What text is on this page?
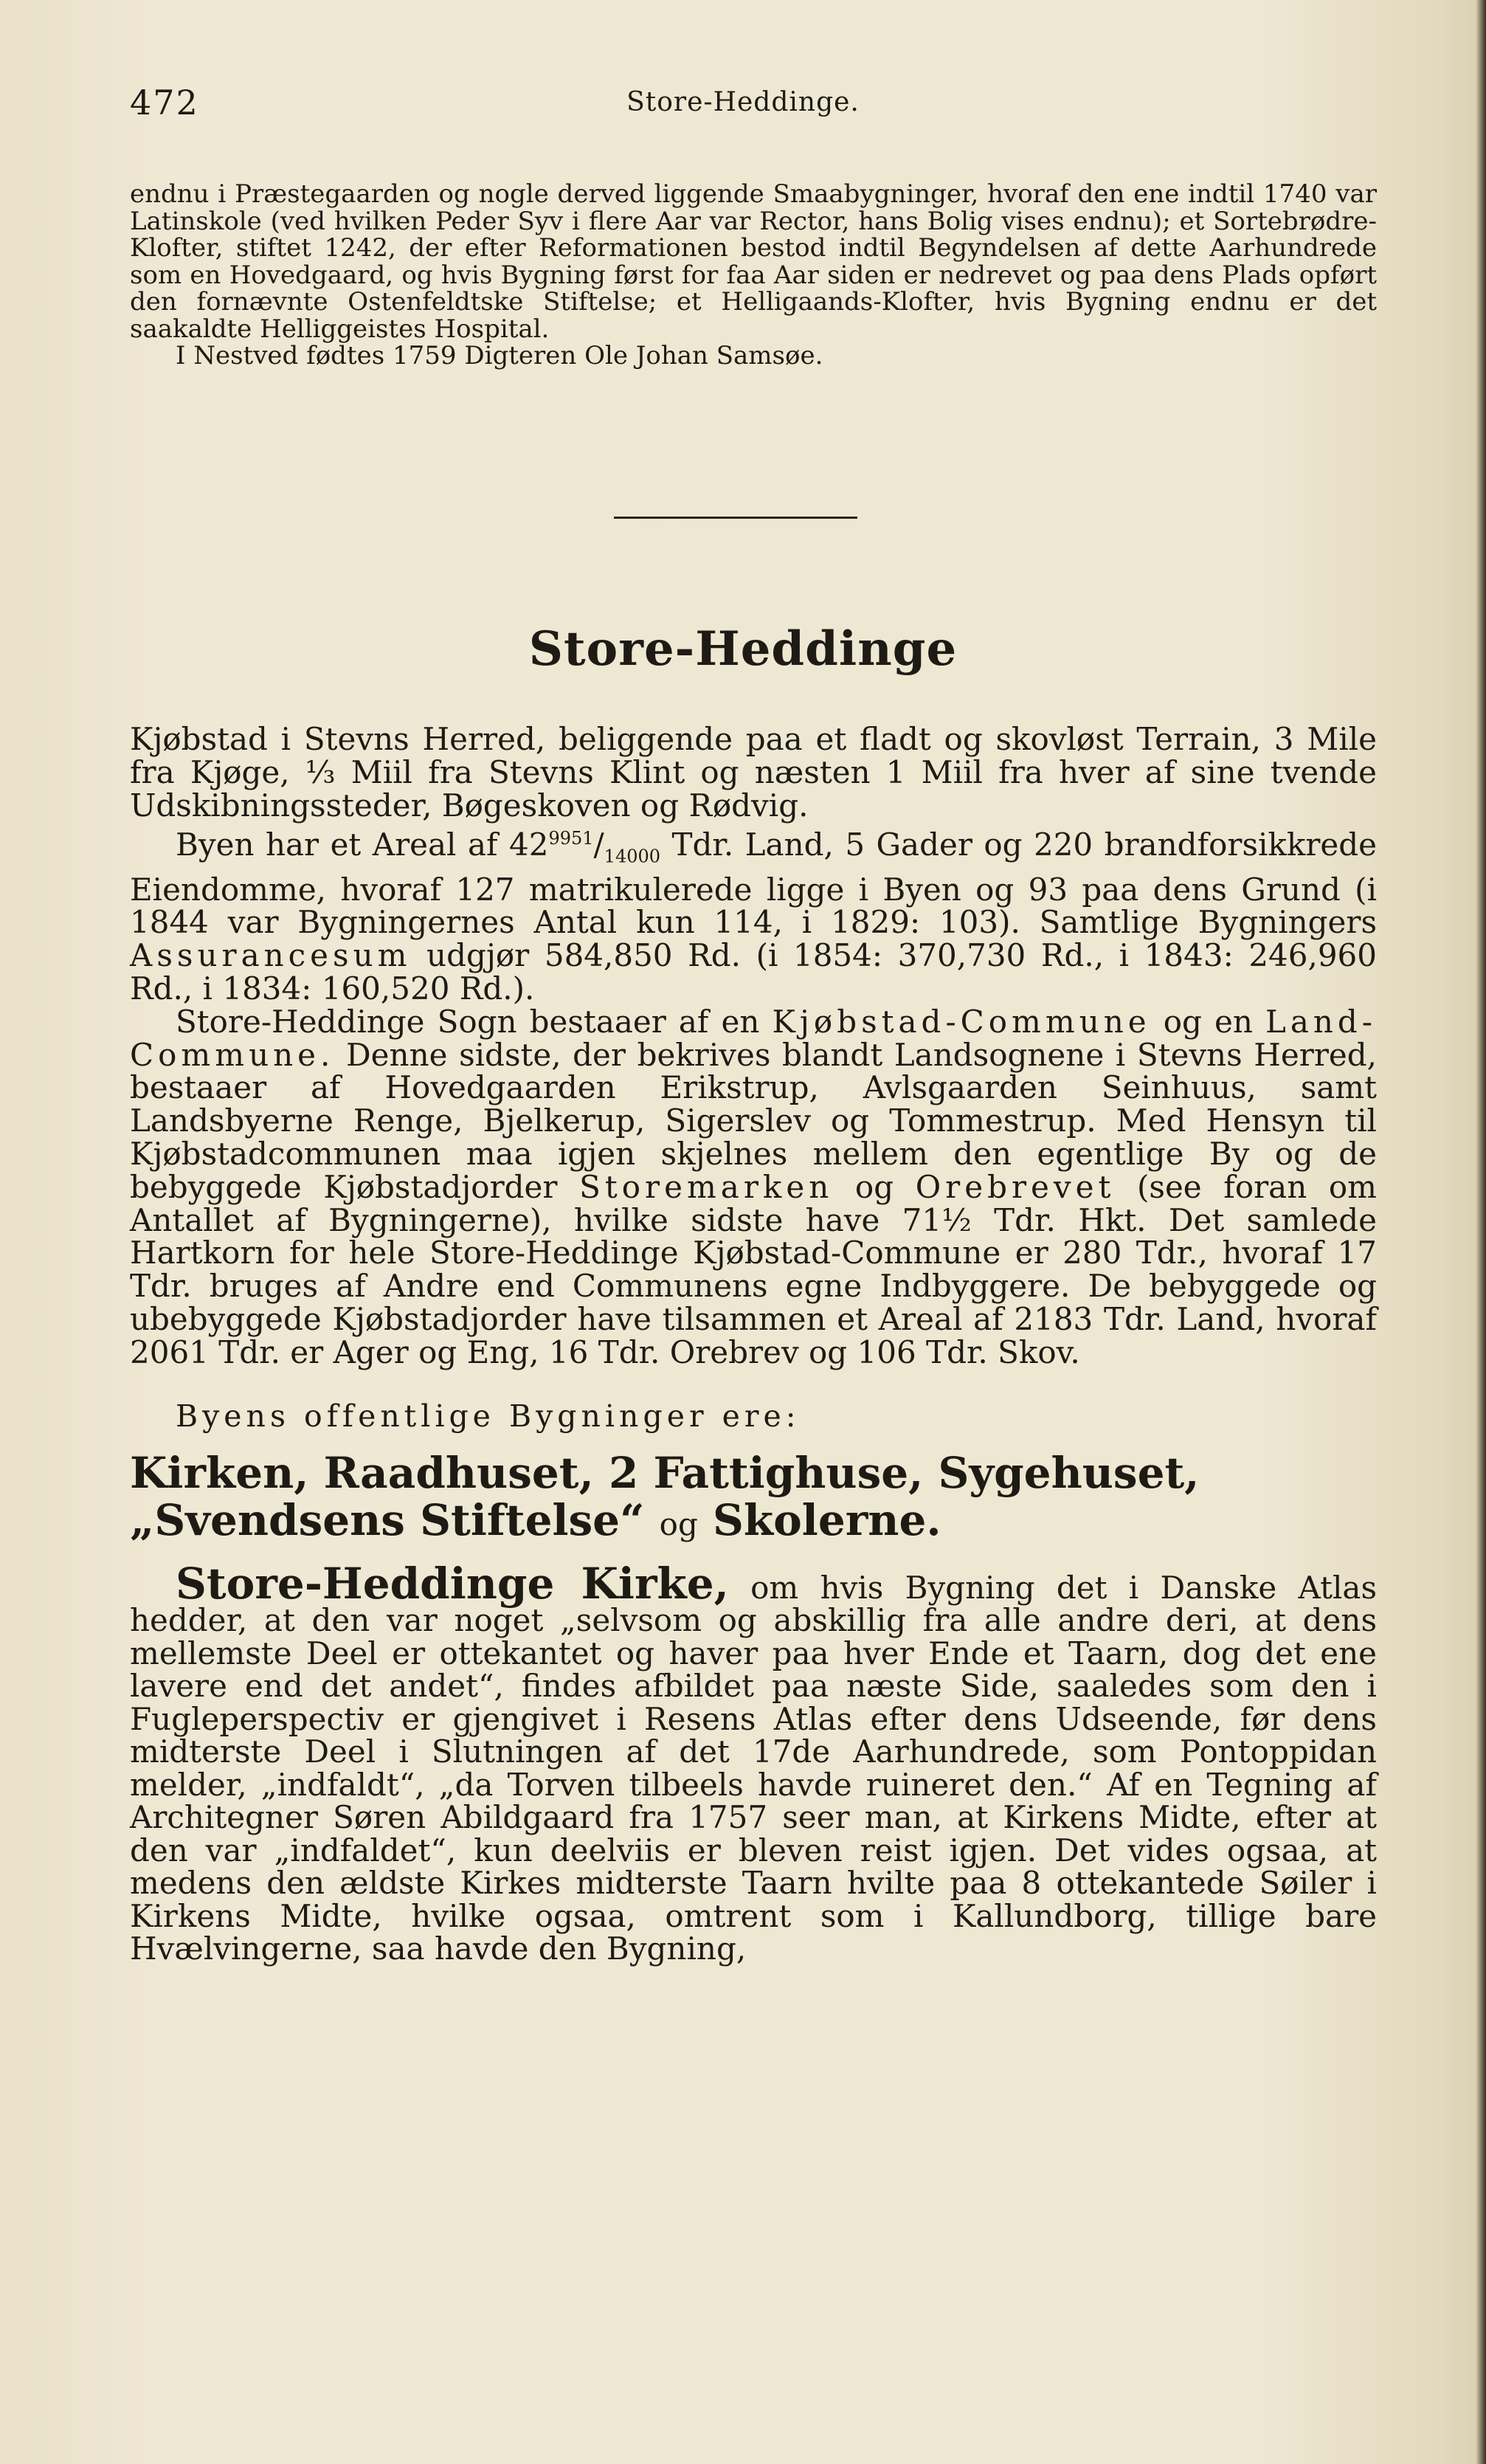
472	Store-Heddinge.

endnu i Præstegaarden og nogle derved liggende Smaabygninger, hvoraf den ene indtil 1740 var Latinskole (ved hvilken Peder Syv i flere Aar var Rector, hans Bolig vises endnu); et Sortebrødre-Klofter, stiftet 1242, der efter Reformationen bestod indtil Begyndelsen af dette Aarhundrede som en Hovedgaard, og hvis Bygning først for faa Aar siden er nedrevet og paa dens Plads opført den fornævnte Ostenfeldtske Stiftelse; et Helligaands-Klofter, hvis Bygning endnu er det saakaldte Helliggeistes Hospital.

I Nestved fødtes 1759 Digteren Ole Johan Samsøe.

Store-Heddinge

Kjøbstad i Stevns Herred, beliggende paa et fladt og skovløst Terrain, 3 Mile fra Kjøge, ⅓ Miil fra Stevns Klint og næsten 1 Miil fra hver af sine tvende Udskibningssteder, Bøgeskoven og Rødvig.

Byen har et Areal af $42^{9951}/_{14000}$ Tdr. Land, 5 Gader og 220 brandforsikkrede Eiendomme, hvoraf 127 matrikulerede ligge i Byen og 93 paa dens Grund (i 1844 var Bygningernes Antal kun 114, i 1829: 103). Samtlige Bygningers Assurancesum udgjør 584,850 Rd. (i 1854: 370,730 Rd., i 1843: 246,960 Rd., i 1834: 160,520 Rd.).

Store-Heddinge Sogn bestaaer af en Kjøbstad-Commune og en Land-Commune. Denne sidste, der bekrives blandt Landsognene i Stevns Herred, bestaaer af Hovedgaarden Erikstrup, Avlsgaarden Seinhuus, samt Landsbyerne Renge, Bjelkerup, Sigerslev og Tommestrup. Med Hensyn til Kjøbstadcommunen maa igjen skjelnes mellem den egentlige By og de bebyggede Kjøbstadjorder Storemarken og Orebrevet (see foran om Antallet af Bygningerne), hvilke sidste have 71½ Tdr. Hkt. Det samlede Hartkorn for hele Store-Heddinge Kjøbstad-Commune er 280 Tdr., hvoraf 17 Tdr. bruges af Andre end Communens egne Indbyggere. De bebyggede og ubebyggede Kjøbstadjorder have tilsammen et Areal af 2183 Tdr. Land, hvoraf 2061 Tdr. er Ager og Eng, 16 Tdr. Orebrev og 106 Tdr. Skov.

Byens offentlige Bygninger ere:

Kirken, Raadhuset, 2 Fattighuse, Sygehuset, „Svendsens Stiftelse“ og Skolerne.

Store-Heddinge Kirke, om hvis Bygning det i Danske Atlas hedder, at den var noget „selvsom og abskillig fra alle andre deri, at dens mellemste Deel er ottekantet og haver paa hver Ende et Taarn, dog det ene lavere end det andet“, findes afbildet paa næste Side, saaledes som den i Fugleperspectiv er gjengivet i Resens Atlas efter dens Udseende, før dens midterste Deel i Slutningen af det 17de Aarhundrede, som Pontoppidan melder, „indfaldt“, „da Torven tilbeels havde ruineret den.“ Af en Tegning af Architegner Søren Abildgaard fra 1757 seer man, at Kirkens Midte, efter at den var „indfaldet“, kun deelviis er bleven reist igjen. Det vides ogsaa, at medens den ældste Kirkes midterste Taarn hvilte paa 8 ottekantede Søiler i Kirkens Midte, hvilke ogsaa, omtrent som i Kallundborg, tillige bare Hvælvingerne, saa havde den Bygning,
